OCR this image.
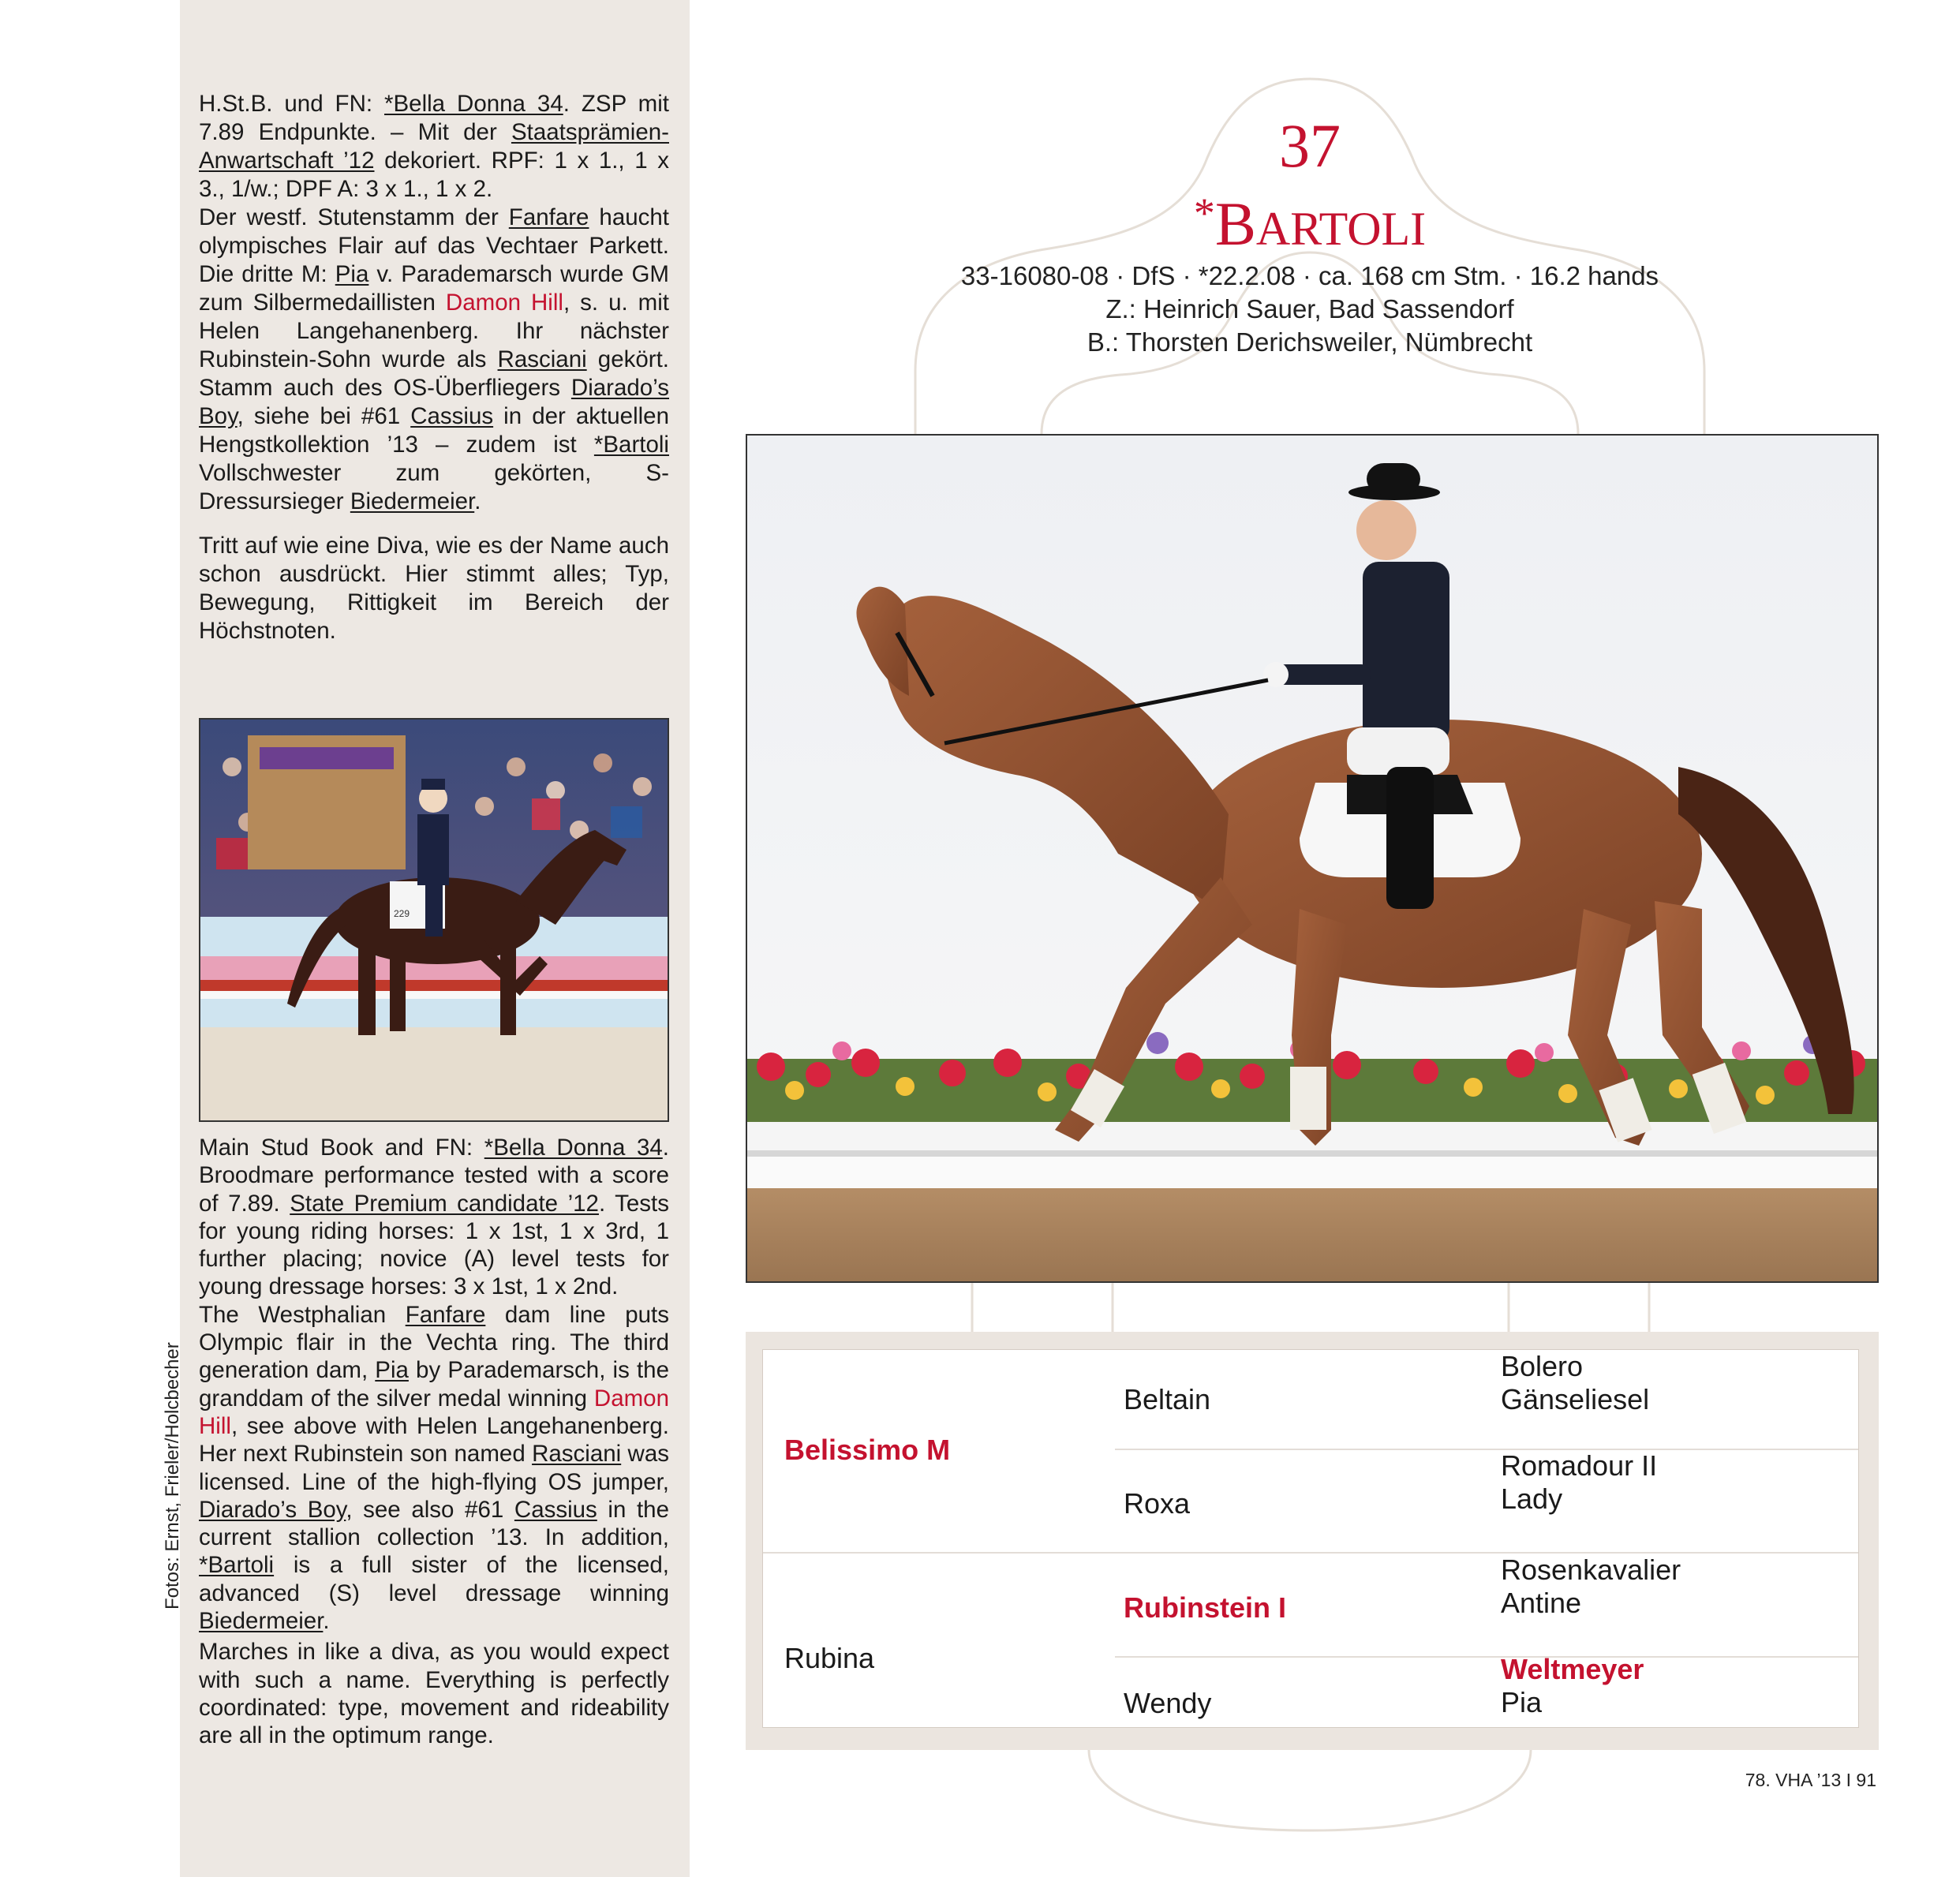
H.St.B. und FN: *Bella Donna 34. ZSP mit 7.89 Endpunkte. – Mit der Staatsprämien-Anwartschaft ’12 dekoriert. RPF: 1 x 1., 1 x 3., 1/w.; DPF A: 3 x 1., 1 x 2.

Der westf. Stutenstamm der Fanfare haucht olympisches Flair auf das Vechtaer Parkett. Die dritte M: Pia v. Parademarsch wurde GM zum Silbermedaillisten Damon Hill, s. u. mit Helen Langehanenberg. Ihr nächster Rubinstein-Sohn wurde als Rasciani gekört. Stamm auch des OS-Überfliegers Diarado’s Boy, siehe bei #61 Cassius in der aktuellen Hengstkollektion ’13 – zudem ist *Bartoli Vollschwester zum gekörten, S-Dressursieger Biedermeier.

Tritt auf wie eine Diva, wie es der Name auch schon ausdrückt. Hier stimmt alles; Typ, Bewegung, Rittigkeit im Bereich der Höchstnoten.

229

Main Stud Book and FN: *Bella Donna 34. Broodmare performance tested with a score of 7.89. State Premium candidate ’12. Tests for young riding horses: 1 x 1st, 1 x 3rd, 1 further placing; novice (A) level tests for young dressage horses: 3 x 1st, 1 x 2nd.

The Westphalian Fanfare dam line puts Olympic flair in the Vechta ring. The third generation dam, Pia by Parademarsch, is the granddam of the silver medal winning Damon Hill, see above with Helen Langehanenberg. Her next Rubinstein son named Rasciani was licensed. Line of the high-flying OS jumper, Diarado’s Boy, see also #61 Cassius in the current stallion collection ’13. In addition, *Bartoli is a full sister of the licensed, advanced (S) level dressage winning Biedermeier.

Marches in like a diva, as you would expect with such a name. Everything is perfectly coordinated: type, movement and rideability are all in the optimum range.

Fotos: Ernst, Frieler/Holcbecher
37
*BARTOLI
33-16080-08 · DfS · *22.2.08 · ca. 168 cm Stm. · 16.2 hands
Z.: Heinrich Sauer, Bad Sassendorf
B.: Thorsten Derichsweiler, Nümbrecht
Belissimo M
Rubina
Beltain
Roxa
Rubinstein I
Wendy
Bolero
Gänseliesel
Romadour II
Lady
Rosenkavalier
Antine
Weltmeyer
Pia
78. VHA ’13 I 91
